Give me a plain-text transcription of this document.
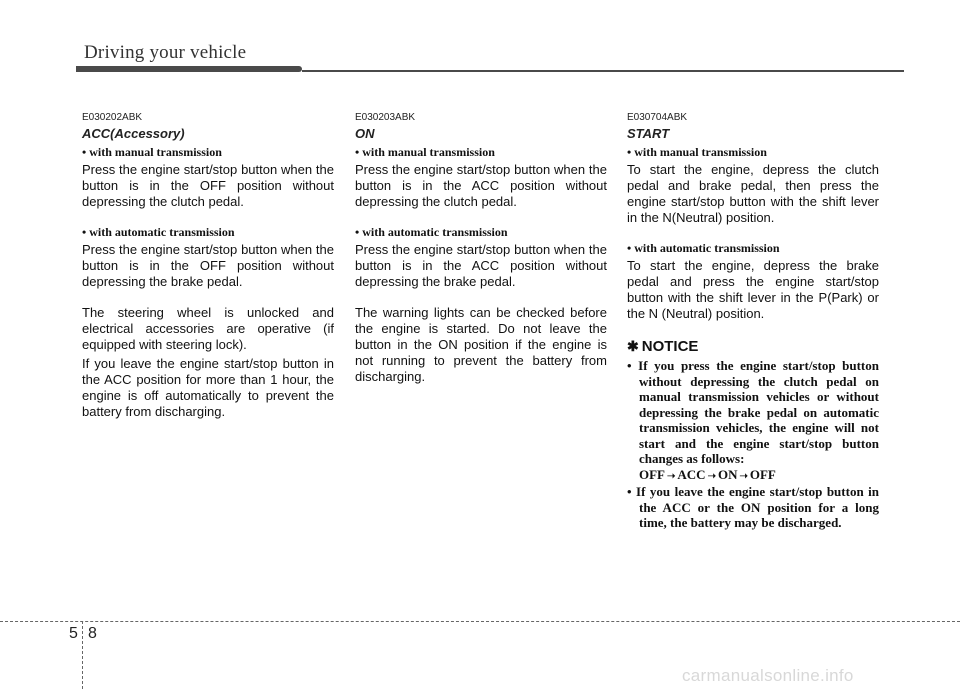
Driving your vehicle
E030202ABK
ACC(Accessory)
• with manual transmission

Press the engine start/stop button when the button is in the OFF position without depressing the clutch pedal.

• with automatic transmission

Press the engine start/stop button when the button is in the OFF position without depressing the brake pedal.

The steering wheel is unlocked and electrical accessories are operative (if equipped with steering lock).

If you leave the engine start/stop button in the ACC position for more than 1 hour, the engine is off automatically to prevent the battery from discharging.

E030203ABK
ON
• with manual transmission

Press the engine start/stop button when the button is in the ACC position without depressing the clutch pedal.

• with automatic transmission

Press the engine start/stop button when the button is in the ACC position without depressing the brake pedal.

The warning lights can be checked before the engine is started. Do not leave the button in the ON position if the engine is not running to prevent the battery from discharging.

E030704ABK
START
• with manual transmission

To start the engine, depress the clutch pedal and brake pedal, then press the engine start/stop button with the shift lever in the N(Neutral) position.

• with automatic transmission

To start the engine, depress the brake pedal and press the engine start/stop button with the shift lever in the P(Park) or the N (Neutral) position.

✱ NOTICE
• If you press the engine start/stop button without depressing the clutch pedal on manual transmission vehicles or without depressing the brake pedal on automatic transmission vehicles, the engine will not start and the engine start/stop button changes as follows:
OFF ➝ ACC ➝ ON ➝ OFF
• If you leave the engine start/stop button in the ACC or the ON position for a long time, the battery may be discharged.
5 8
carmanualsonline.info
